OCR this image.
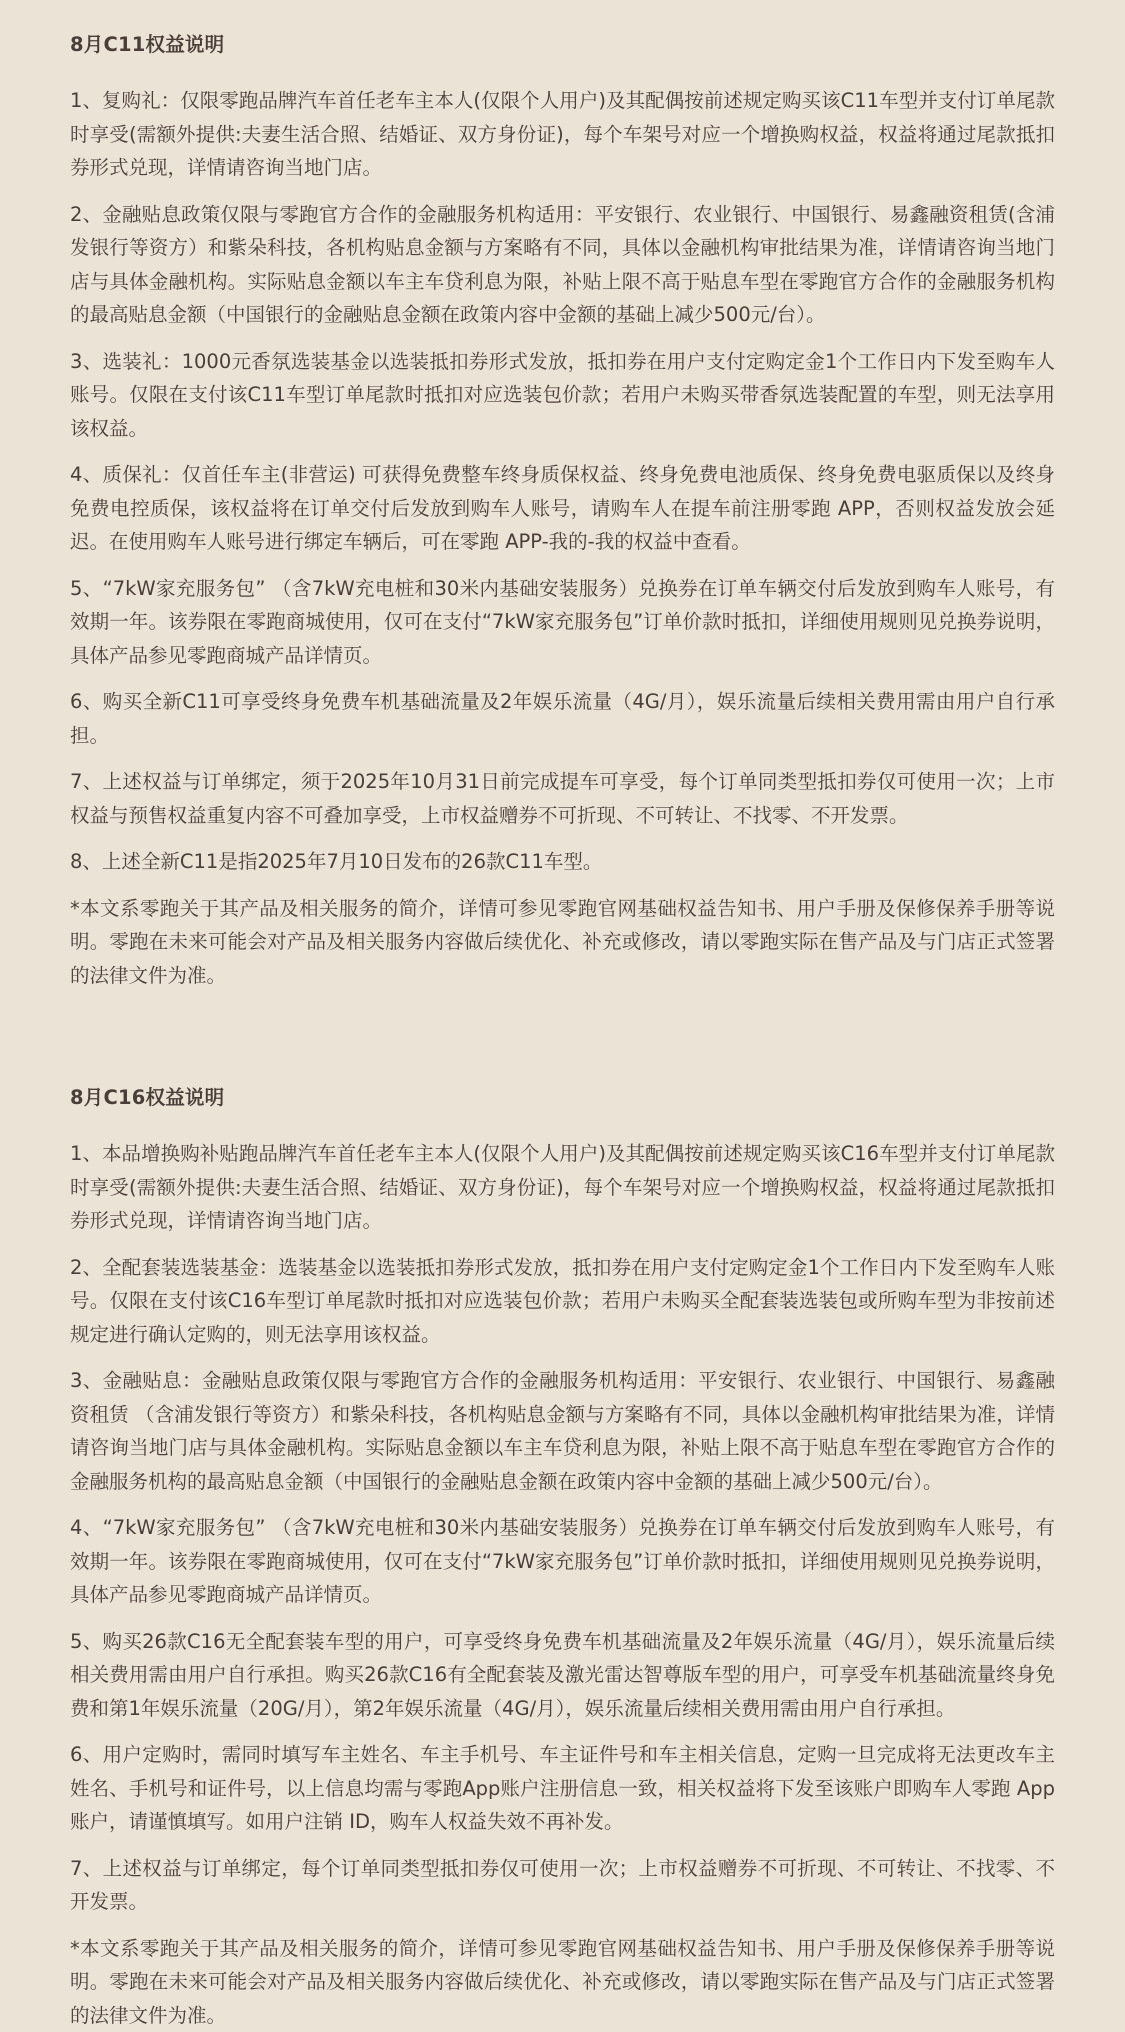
8月C11权益说明

1、复购礼：仅限零跑品牌汽车首任老车主本人(仅限个人用户)及其配偶按前述规定购买该C11车型并支付订单尾款时享受(需额外提供:夫妻生活合照、结婚证、双方身份证)，每个车架号对应一个增换购权益，权益将通过尾款抵扣券形式兑现，详情请咨询当地门店。

2、金融贴息政策仅限与零跑官方合作的金融服务机构适用：平安银行、农业银行、中国银行、易鑫融资租赁(含浦发银行等资方）和紫朵科技，各机构贴息金额与方案略有不同，具体以金融机构审批结果为准，详情请咨询当地门店与具体金融机构。实际贴息金额以车主车贷利息为限，补贴上限不高于贴息车型在零跑官方合作的金融服务机构的最高贴息金额（中国银行的金融贴息金额在政策内容中金额的基础上减少500元/台）。

3、选装礼：1000元香氛选装基金以选装抵扣券形式发放，抵扣券在用户支付定购定金1个工作日内下发至购车人账号。仅限在支付该C11车型订单尾款时抵扣对应选装包价款；若用户未购买带香氛选装配置的车型，则无法享用该权益。

4、质保礼：仅首任车主(非营运) 可获得免费整车终身质保权益、终身免费电池质保、终身免费电驱质保以及终身免费电控质保，该权益将在订单交付后发放到购车人账号，请购车人在提车前注册零跑 APP，否则权益发放会延迟。在使用购车人账号进行绑定车辆后，可在零跑 APP-我的-我的权益中查看。

5、“7kW家充服务包” （含7kW充电桩和30米内基础安装服务）兑换券在订单车辆交付后发放到购车人账号，有效期一年。该券限在零跑商城使用，仅可在支付“7kW家充服务包”订单价款时抵扣，详细使用规则见兑换券说明，具体产品参见零跑商城产品详情页。

6、购买全新C11可享受终身免费车机基础流量及2年娱乐流量（4G/月），娱乐流量后续相关费用需由用户自行承担。

7、上述权益与订单绑定，须于2025年10月31日前完成提车可享受，每个订单同类型抵扣券仅可使用一次；上市权益与预售权益重复内容不可叠加享受，上市权益赠券不可折现、不可转让、不找零、不开发票。

8、上述全新C11是指2025年7月10日发布的26款C11车型。

*本文系零跑关于其产品及相关服务的简介，详情可参见零跑官网基础权益告知书、用户手册及保修保养手册等说明。零跑在未来可能会对产品及相关服务内容做后续优化、补充或修改，请以零跑实际在售产品及与门店正式签署的法律文件为准。

8月C16权益说明

1、本品增换购补贴跑品牌汽车首任老车主本人(仅限个人用户)及其配偶按前述规定购买该C16车型并支付订单尾款时享受(需额外提供:夫妻生活合照、结婚证、双方身份证)，每个车架号对应一个增换购权益，权益将通过尾款抵扣券形式兑现，详情请咨询当地门店。

2、全配套装选装基金：选装基金以选装抵扣券形式发放，抵扣券在用户支付定购定金1个工作日内下发至购车人账号。仅限在支付该C16车型订单尾款时抵扣对应选装包价款；若用户未购买全配套装选装包或所购车型为非按前述规定进行确认定购的，则无法享用该权益。

3、金融贴息：金融贴息政策仅限与零跑官方合作的金融服务机构适用：平安银行、农业银行、中国银行、易鑫融资租赁 （含浦发银行等资方）和紫朵科技，各机构贴息金额与方案略有不同，具体以金融机构审批结果为准，详情请咨询当地门店与具体金融机构。实际贴息金额以车主车贷利息为限，补贴上限不高于贴息车型在零跑官方合作的金融服务机构的最高贴息金额（中国银行的金融贴息金额在政策内容中金额的基础上减少500元/台）。

4、“7kW家充服务包” （含7kW充电桩和30米内基础安装服务）兑换券在订单车辆交付后发放到购车人账号，有效期一年。该券限在零跑商城使用，仅可在支付“7kW家充服务包”订单价款时抵扣，详细使用规则见兑换券说明，具体产品参见零跑商城产品详情页。

5、购买26款C16无全配套装车型的用户，可享受终身免费车机基础流量及2年娱乐流量（4G/月），娱乐流量后续相关费用需由用户自行承担。购买26款C16有全配套装及激光雷达智尊版车型的用户，可享受车机基础流量终身免费和第1年娱乐流量（20G/月），第2年娱乐流量（4G/月），娱乐流量后续相关费用需由用户自行承担。

6、用户定购时，需同时填写车主姓名、车主手机号、车主证件号和车主相关信息，定购一旦完成将无法更改车主姓名、手机号和证件号，以上信息均需与零跑App账户注册信息一致，相关权益将下发至该账户即购车人零跑 App 账户，请谨慎填写。如用户注销 ID，购车人权益失效不再补发。

7、上述权益与订单绑定，每个订单同类型抵扣券仅可使用一次；上市权益赠券不可折现、不可转让、不找零、不开发票。

*本文系零跑关于其产品及相关服务的简介，详情可参见零跑官网基础权益告知书、用户手册及保修保养手册等说明。零跑在未来可能会对产品及相关服务内容做后续优化、补充或修改，请以零跑实际在售产品及与门店正式签署的法律文件为准。
